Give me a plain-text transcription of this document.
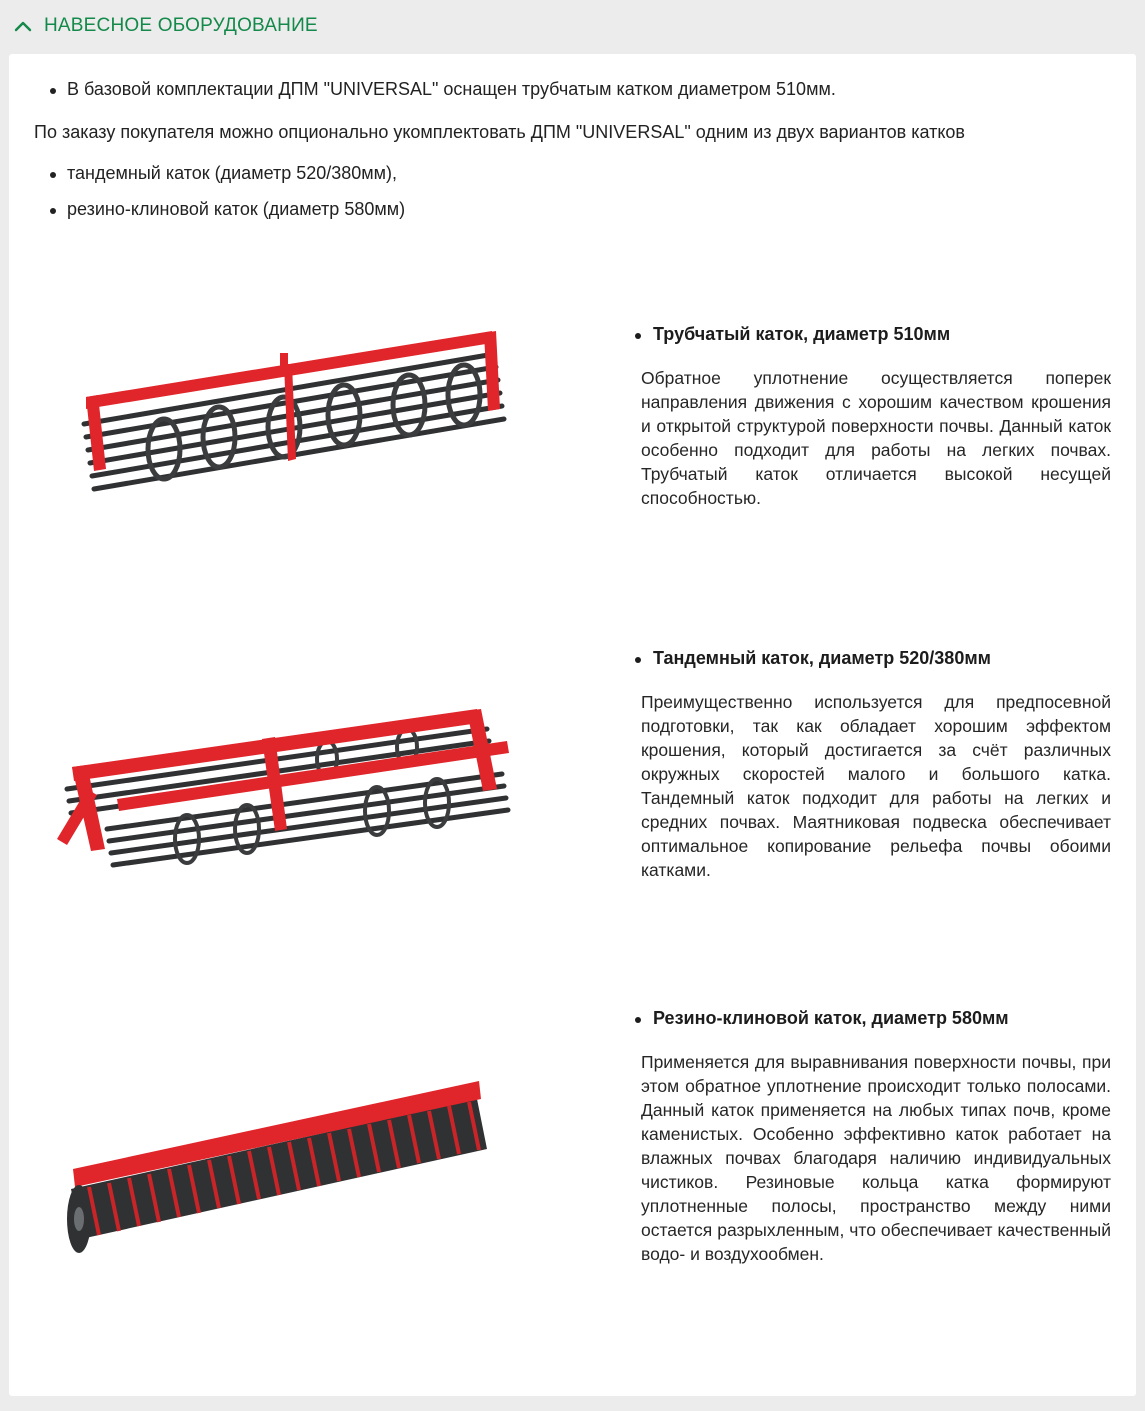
НАВЕСНОЕ ОБОРУДОВАНИЕ

В базовой комплектации ДПМ "UNIVERSAL" оснащен трубчатым катком диаметром 510мм.

По заказу покупателя можно опционально укомплектовать ДПМ "UNIVERSAL" одним из двух вариантов катков

тандемный каток (диаметр 520/380мм),

резино-клиновой каток (диаметр 580мм)

Трубчатый каток, диаметр 510мм

Обратное уплотнение осуществляется поперек направления движения с хорошим качеством крошения и открытой структурой поверхности почвы. Данный каток особенно подходит для работы на легких почвах. Трубчатый каток отличается высокой несущей способностью.

Тандемный каток, диаметр 520/380мм

Преимущественно используется для предпосевной подготовки, так как обладает хорошим эффектом крошения, который достигается за счёт различных окружных скоростей малого и большого катка. Тандемный каток подходит для работы на легких и средних почвах. Маятниковая подвеска обеспечивает оптимальное копирование рельефа почвы обоими катками.

Резино-клиновой каток, диаметр 580мм

Применяется для выравнивания поверхности почвы, при этом обратное уплотнение происходит только полосами. Данный каток применяется на любых типах почв, кроме каменистых. Особенно эффективно каток работает на влажных почвах благодаря наличию индивидуальных чистиков. Резиновые кольца катка формируют уплотненные полосы, пространство между ними остается разрыхленным, что обеспечивает качественный водо- и воздухообмен.
